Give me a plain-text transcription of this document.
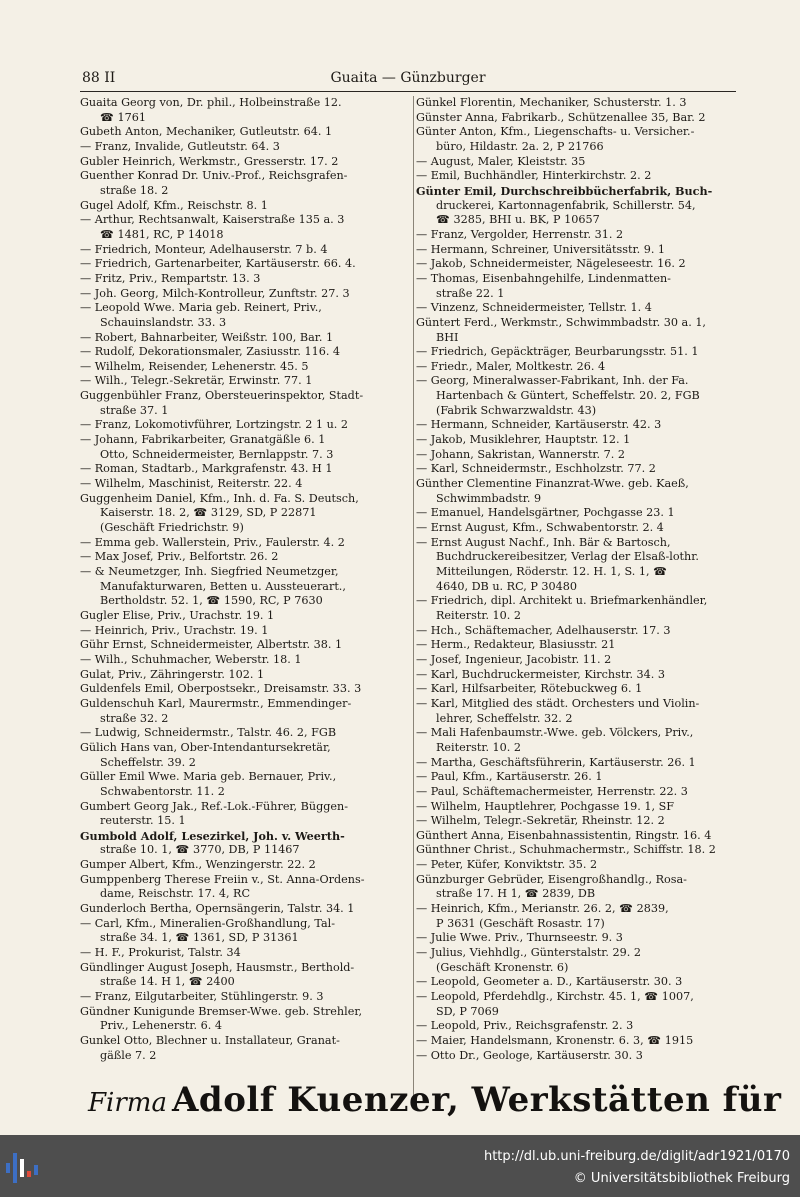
88 II	Guaita — Günzburger
Guaita Georg von, Dr. phil., Holbeinstraße 12.
☎ 1761
Gubeth Anton, Mechaniker, Gutleutstr. 64. 1
— Franz, Invalide, Gutleutstr. 64. 3
Gubler Heinrich, Werkmstr., Gresserstr. 17. 2
Guenther Konrad Dr. Univ.-Prof., Reichsgrafen-
straße 18. 2
Gugel Adolf, Kfm., Reischstr. 8. 1
— Arthur, Rechtsanwalt, Kaiserstraße 135 a. 3
☎ 1481, RC, P 14018
— Friedrich, Monteur, Adelhauserstr. 7 b. 4
— Friedrich, Gartenarbeiter, Kartäuserstr. 66. 4.
— Fritz, Priv., Rempartstr. 13. 3
— Joh. Georg, Milch-Kontrolleur, Zunftstr. 27. 3
— Leopold Wwe. Maria geb. Reinert, Priv.,
Schauinslandstr. 33. 3
— Robert, Bahnarbeiter, Weißstr. 100, Bar. 1
— Rudolf, Dekorationsmaler, Zasiusstr. 116. 4
— Wilhelm, Reisender, Lehenerstr. 45. 5
— Wilh., Telegr.-Sekretär, Erwinstr. 77. 1
Guggenbühler Franz, Obersteuerinspektor, Stadt-
straße 37. 1
— Franz, Lokomotivführer, Lortzingstr. 2 1 u. 2
— Johann, Fabrikarbeiter, Granatgäßle 6. 1
Otto, Schneidermeister, Bernlappstr. 7. 3
— Roman, Stadtarb., Markgrafenstr. 43. H 1
— Wilhelm, Maschinist, Reiterstr. 22. 4
Guggenheim Daniel, Kfm., Inh. d. Fa. S. Deutsch,
Kaiserstr. 18. 2, ☎ 3129, SD, P 22871
(Geschäft Friedrichstr. 9)
— Emma geb. Wallerstein, Priv., Faulerstr. 4. 2
— Max Josef, Priv., Belfortstr. 26. 2
— & Neumetzger, Inh. Siegfried Neumetzger,
Manufakturwaren, Betten u. Aussteuerart.,
Bertholdstr. 52. 1, ☎ 1590, RC, P 7630
Gugler Elise, Priv., Urachstr. 19. 1
— Heinrich, Priv., Urachstr. 19. 1
Gühr Ernst, Schneidermeister, Albertstr. 38. 1
— Wilh., Schuhmacher, Weberstr. 18. 1
Gulat, Priv., Zähringerstr. 102. 1
Guldenfels Emil, Oberpostsekr., Dreisamstr. 33. 3
Guldenschuh Karl, Maurermstr., Emmendinger-
straße 32. 2
— Ludwig, Schneidermstr., Talstr. 46. 2, FGB
Gülich Hans van, Ober-Intendantursekretär,
Scheffelstr. 39. 2
Güller Emil Wwe. Maria geb. Bernauer, Priv.,
Schwabentorstr. 11. 2
Gumbert Georg Jak., Ref.-Lok.-Führer, Büggen-
reuterstr. 15. 1
Gumbold Adolf, Lesezirkel, Joh. v. Weerth-
straße 10. 1, ☎ 3770, DB, P 11467
Gumper Albert, Kfm., Wenzingerstr. 22. 2
Gumppenberg Therese Freiin v., St. Anna-Ordens-
dame, Reischstr. 17. 4, RC
Gunderloch Bertha, Opernsängerin, Talstr. 34. 1
— Carl, Kfm., Mineralien-Großhandlung, Tal-
straße 34. 1, ☎ 1361, SD, P 31361
— H. F., Prokurist, Talstr. 34
Gündlinger August Joseph, Hausmstr., Berthold-
straße 14. H 1, ☎ 2400
— Franz, Eilgutarbeiter, Stühlingerstr. 9. 3
Gündner Kunigunde Bremser-Wwe. geb. Strehler,
Priv., Lehenerstr. 6. 4
Gunkel Otto, Blechner u. Installateur, Granat-
gäßle 7. 2
Günkel Florentin, Mechaniker, Schusterstr. 1. 3
Günster Anna, Fabrikarb., Schützenallee 35, Bar. 2
Günter Anton, Kfm., Liegenschafts- u. Versicher.-
büro, Hildastr. 2a. 2, P 21766
— August, Maler, Kleiststr. 35
— Emil, Buchhändler, Hinterkirchstr. 2. 2
Günter Emil, Durchschreibbücherfabrik, Buch-
druckerei, Kartonnagenfabrik, Schillerstr. 54,
☎ 3285, BHI u. BK, P 10657
— Franz, Vergolder, Herrenstr. 31. 2
— Hermann, Schreiner, Universitätsstr. 9. 1
— Jakob, Schneidermeister, Nägeleseestr. 16. 2
— Thomas, Eisenbahngehilfe, Lindenmatten-
straße 22. 1
— Vinzenz, Schneidermeister, Tellstr. 1. 4
Güntert Ferd., Werkmstr., Schwimmbadstr. 30 a. 1,
BHI
— Friedrich, Gepäckträger, Beurbarungsstr. 51. 1
— Friedr., Maler, Moltkestr. 26. 4
— Georg, Mineralwasser-Fabrikant, Inh. der Fa.
Hartenbach & Güntert, Scheffelstr. 20. 2, FGB
(Fabrik Schwarzwaldstr. 43)
— Hermann, Schneider, Kartäuserstr. 42. 3
— Jakob, Musiklehrer, Hauptstr. 12. 1
— Johann, Sakristan, Wannerstr. 7. 2
— Karl, Schneidermstr., Eschholzstr. 77. 2
Günther Clementine Finanzrat-Wwe. geb. Kaeß,
Schwimmbadstr. 9
— Emanuel, Handelsgärtner, Pochgasse 23. 1
— Ernst August, Kfm., Schwabentorstr. 2. 4
— Ernst August Nachf., Inh. Bär & Bartosch,
Buchdruckereibesitzer, Verlag der Elsaß-lothr.
Mitteilungen, Röderstr. 12. H. 1, S. 1, ☎
4640, DB u. RC, P 30480
— Friedrich, dipl. Architekt u. Briefmarkenhändler,
Reiterstr. 10. 2
— Hch., Schäftemacher, Adelhauserstr. 17. 3
— Herm., Redakteur, Blasiusstr. 21
— Josef, Ingenieur, Jacobistr. 11. 2
— Karl, Buchdruckermeister, Kirchstr. 34. 3
— Karl, Hilfsarbeiter, Rötebuckweg 6. 1
— Karl, Mitglied des städt. Orchesters und Violin-
lehrer, Scheffelstr. 32. 2
— Mali Hafenbaumstr.-Wwe. geb. Völckers, Priv.,
Reiterstr. 10. 2
— Martha, Geschäftsführerin, Kartäuserstr. 26. 1
— Paul, Kfm., Kartäuserstr. 26. 1
— Paul, Schäftemachermeister, Herrenstr. 22. 3
— Wilhelm, Hauptlehrer, Pochgasse 19. 1, SF
— Wilhelm, Telegr.-Sekretär, Rheinstr. 12. 2
Günthert Anna, Eisenbahnassistentin, Ringstr. 16. 4
Günthner Christ., Schuhmachermstr., Schiffstr. 18. 2
— Peter, Küfer, Konviktstr. 35. 2
Günzburger Gebrüder, Eisengroßhandlg., Rosa-
straße 17. H 1, ☎ 2839, DB
— Heinrich, Kfm., Merianstr. 26. 2, ☎ 2839,
P 3631 (Geschäft Rosastr. 17)
— Julie Wwe. Priv., Thurnseestr. 9. 3
— Julius, Viehhdlg., Günterstalstr. 29. 2
(Geschäft Kronenstr. 6)
— Leopold, Geometer a. D., Kartäuserstr. 30. 3
— Leopold, Pferdehdlg., Kirchstr. 45. 1, ☎ 1007,
SD, P 7069
— Leopold, Priv., Reichsgrafenstr. 2. 3
— Maier, Handelsmann, Kronenstr. 6. 3, ☎ 1915
— Otto Dr., Geologe, Kartäuserstr. 30. 3
Firma Adolf Kuenzer, Werkstätten für
http://dl.ub.uni-freiburg.de/diglit/adr1921/0170
© Universitätsbibliothek Freiburg
